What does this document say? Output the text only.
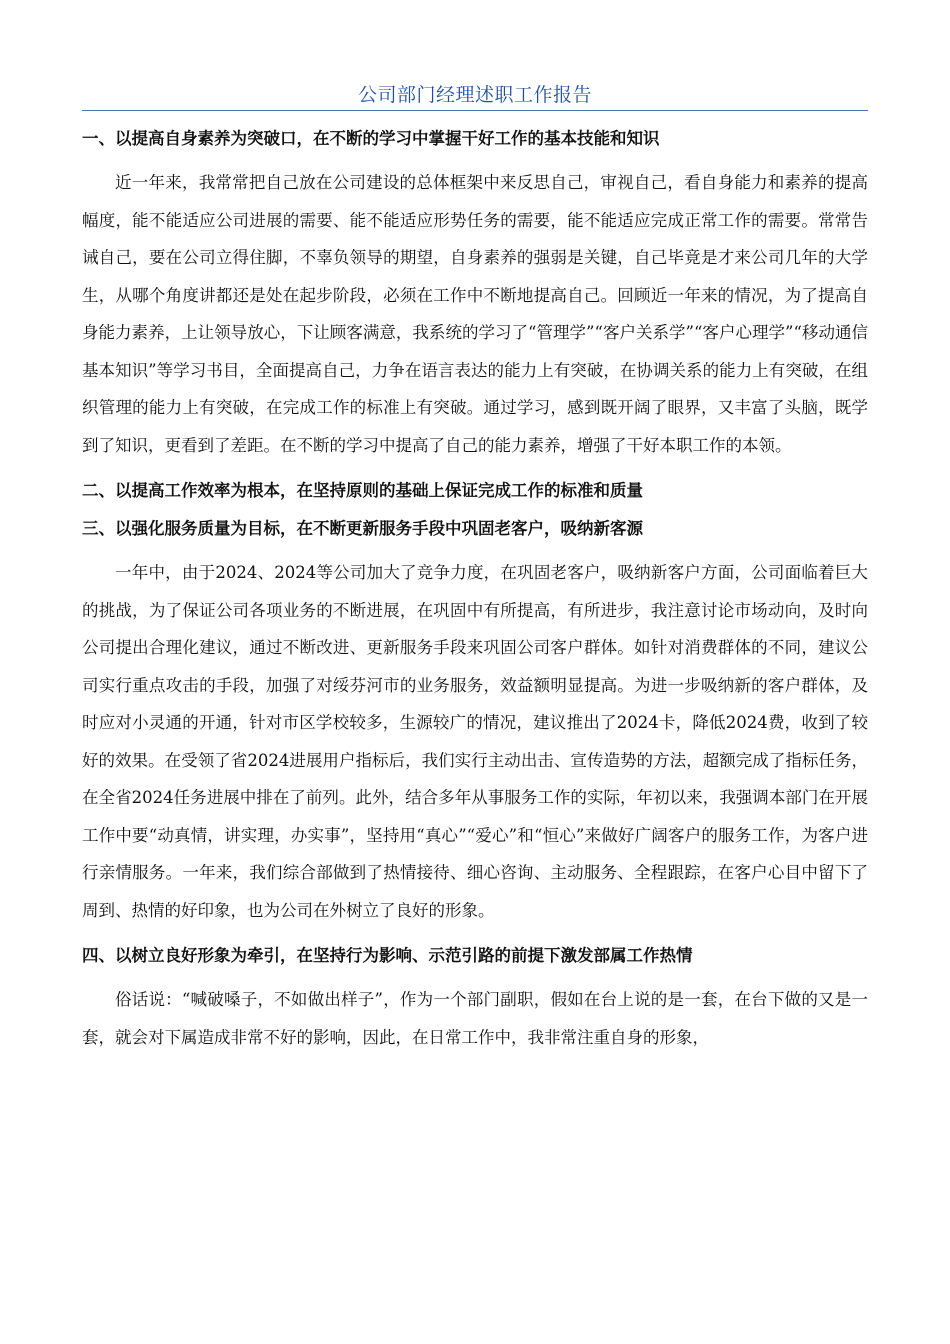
公司部门经理述职工作报告
一、以提高自身素养为突破口，在不断的学习中掌握干好工作的基本技能和知识

近一年来，我常常把自己放在公司建设的总体框架中来反思自己，审视自己，看自身能力和素养的提高幅度，能不能适应公司进展的需要、能不能适应形势任务的需要，能不能适应完成正常工作的需要。常常告诫自己，要在公司立得住脚，不辜负领导的期望，自身素养的强弱是关键，自己毕竟是才来公司几年的大学生，从哪个角度讲都还是处在起步阶段，必须在工作中不断地提高自己。回顾近一年来的情况，为了提高自身能力素养，上让领导放心，下让顾客满意，我系统的学习了“管理学”“客户关系学”“客户心理学”“移动通信基本知识”等学习书目，全面提高自己，力争在语言表达的能力上有突破，在协调关系的能力上有突破，在组织管理的能力上有突破，在完成工作的标准上有突破。通过学习，感到既开阔了眼界，又丰富了头脑，既学到了知识，更看到了差距。在不断的学习中提高了自己的能力素养，增强了干好本职工作的本领。

二、以提高工作效率为根本，在坚持原则的基础上保证完成工作的标准和质量
三、以强化服务质量为目标，在不断更新服务手段中巩固老客户，吸纳新客源

一年中，由于2024、2024等公司加大了竞争力度，在巩固老客户，吸纳新客户方面，公司面临着巨大的挑战，为了保证公司各项业务的不断进展，在巩固中有所提高，有所进步，我注意讨论市场动向，及时向公司提出合理化建议，通过不断改进、更新服务手段来巩固公司客户群体。如针对消费群体的不同，建议公司实行重点攻击的手段，加强了对绥芬河市的业务服务，效益额明显提高。为进一步吸纳新的客户群体，及时应对小灵通的开通，针对市区学校较多，生源较广的情况，建议推出了2024卡，降低2024费，收到了较好的效果。在受领了省2024进展用户指标后，我们实行主动出击、宣传造势的方法，超额完成了指标任务，在全省2024任务进展中排在了前列。此外，结合多年从事服务工作的实际，年初以来，我强调本部门在开展工作中要“动真情，讲实理，办实事”，坚持用“真心”“爱心”和“恒心”来做好广阔客户的服务工作，为客户进行亲情服务。一年来，我们综合部做到了热情接待、细心咨询、主动服务、全程跟踪，在客户心目中留下了周到、热情的好印象，也为公司在外树立了良好的形象。

四、以树立良好形象为牵引，在坚持行为影响、示范引路的前提下激发部属工作热情

俗话说：“喊破嗓子，不如做出样子”，作为一个部门副职，假如在台上说的是一套，在台下做的又是一套，就会对下属造成非常不好的影响，因此，在日常工作中，我非常注重自身的形象，
